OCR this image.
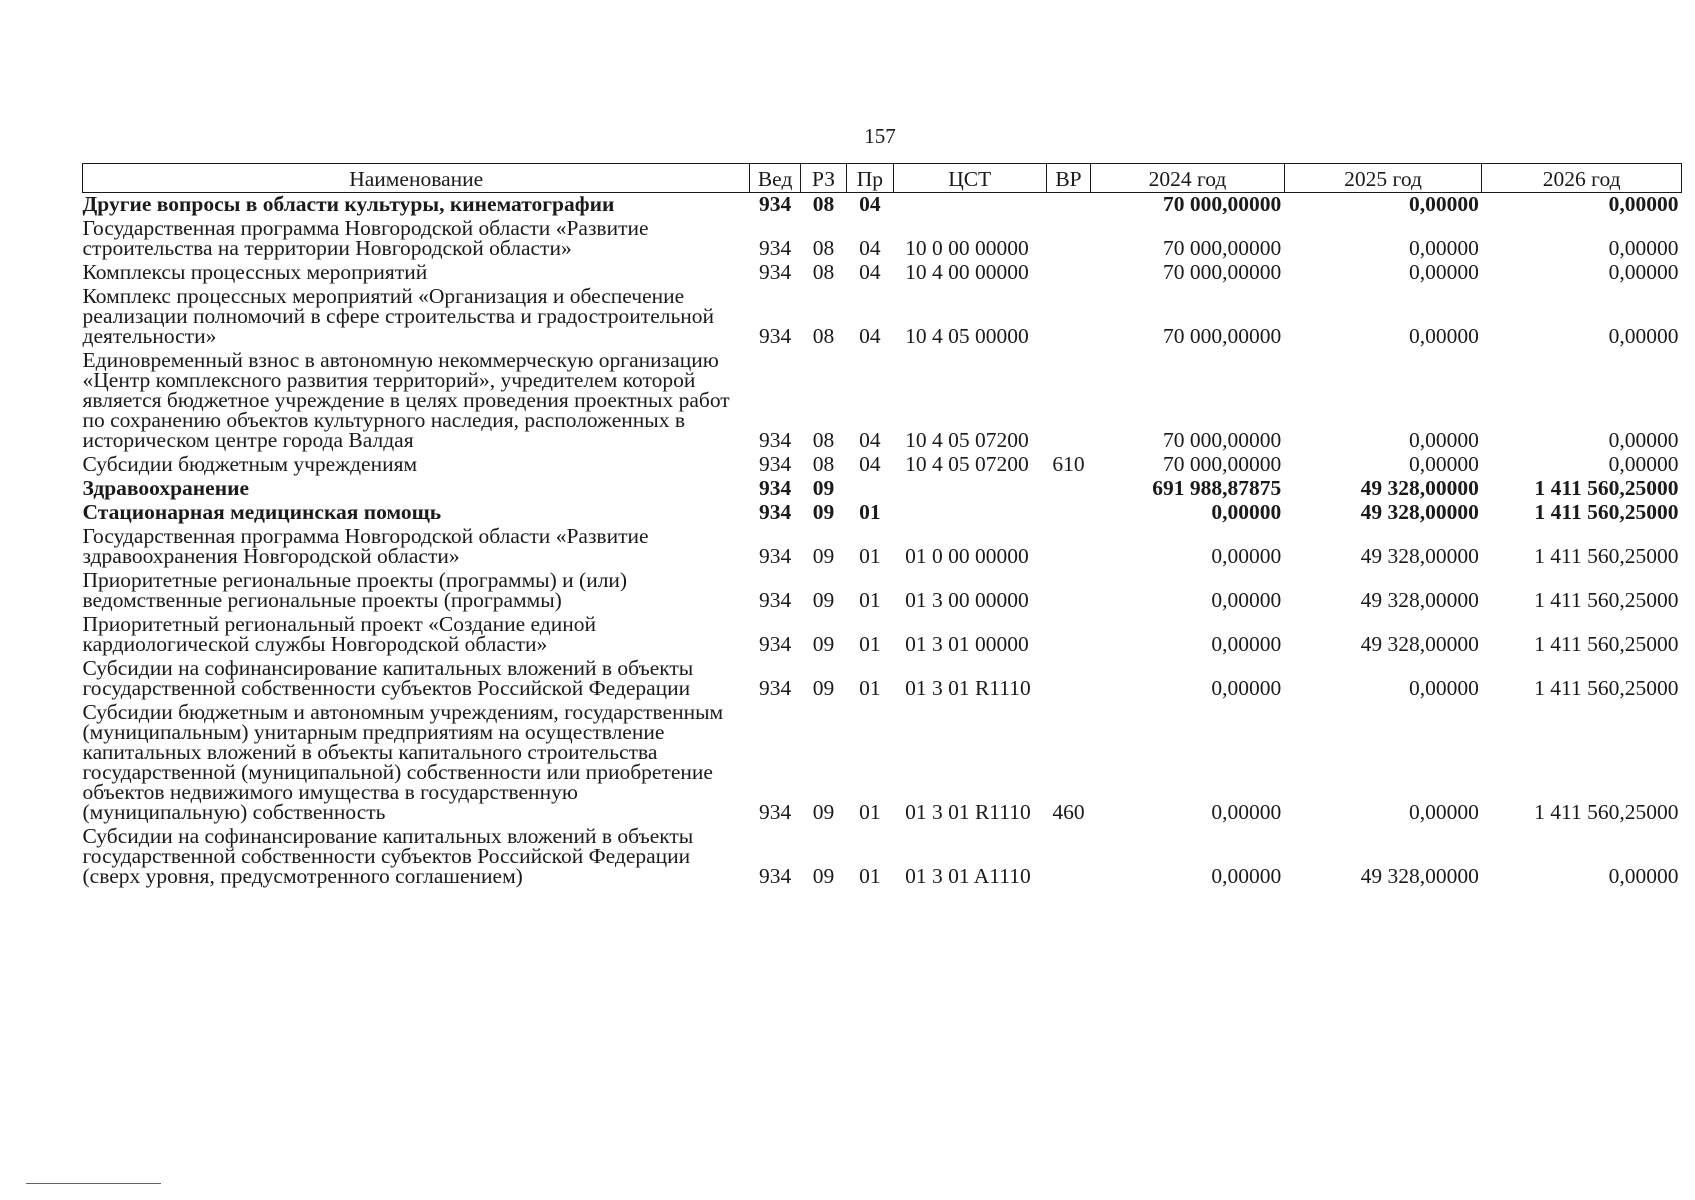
157
Наименование	Вед	РЗ	Пр	ЦСТ	ВР	2024 год	2025 год	2026 год
Другие вопросы в области культуры, кинематографии	934	08	04			70 000,00000	0,00000	0,00000
Государственная программа Новгородской области «Развитие строительства на территории Новгородской области»	934	08	04	10 0 00 00000		70 000,00000	0,00000	0,00000
Комплексы процессных мероприятий	934	08	04	10 4 00 00000		70 000,00000	0,00000	0,00000
Комплекс процессных мероприятий «Организация и обеспечение реализации полномочий в сфере строительства и градостроительной деятельности»	934	08	04	10 4 05 00000		70 000,00000	0,00000	0,00000
Единовременный взнос в автономную некоммерческую организацию «Центр комплексного развития территорий», учредителем которой является бюджетное учреждение в целях проведения проектных работ по сохранению объектов культурного наследия, расположенных в историческом центре города Валдая	934	08	04	10 4 05 07200		70 000,00000	0,00000	0,00000
Субсидии бюджетным учреждениям	934	08	04	10 4 05 07200	610	70 000,00000	0,00000	0,00000
Здравоохранение	934	09				691 988,87875	49 328,00000	1 411 560,25000
Стационарная медицинская помощь	934	09	01			0,00000	49 328,00000	1 411 560,25000
Государственная программа Новгородской области «Развитие здравоохранения Новгородской области»	934	09	01	01 0 00 00000		0,00000	49 328,00000	1 411 560,25000
Приоритетные региональные проекты (программы) и (или) ведомственные региональные проекты (программы)	934	09	01	01 3 00 00000		0,00000	49 328,00000	1 411 560,25000
Приоритетный региональный проект «Создание единой кардиологической службы Новгородской области»	934	09	01	01 3 01 00000		0,00000	49 328,00000	1 411 560,25000
Субсидии на софинансирование капитальных вложений в объекты государственной собственности субъектов Российской Федерации	934	09	01	01 3 01 R1110		0,00000	0,00000	1 411 560,25000
Субсидии бюджетным и автономным учреждениям, государственным (муниципальным) унитарным предприятиям на осуществление капитальных вложений в объекты капитального строительства государственной (муниципальной) собственности или приобретение объектов недвижимого имущества в государственную (муниципальную) собственность	934	09	01	01 3 01 R1110	460	0,00000	0,00000	1 411 560,25000
Субсидии на софинансирование капитальных вложений в объекты государственной собственности субъектов Российской Федерации (сверх уровня, предусмотренного соглашением)	934	09	01	01 3 01 A1110		0,00000	49 328,00000	0,00000
